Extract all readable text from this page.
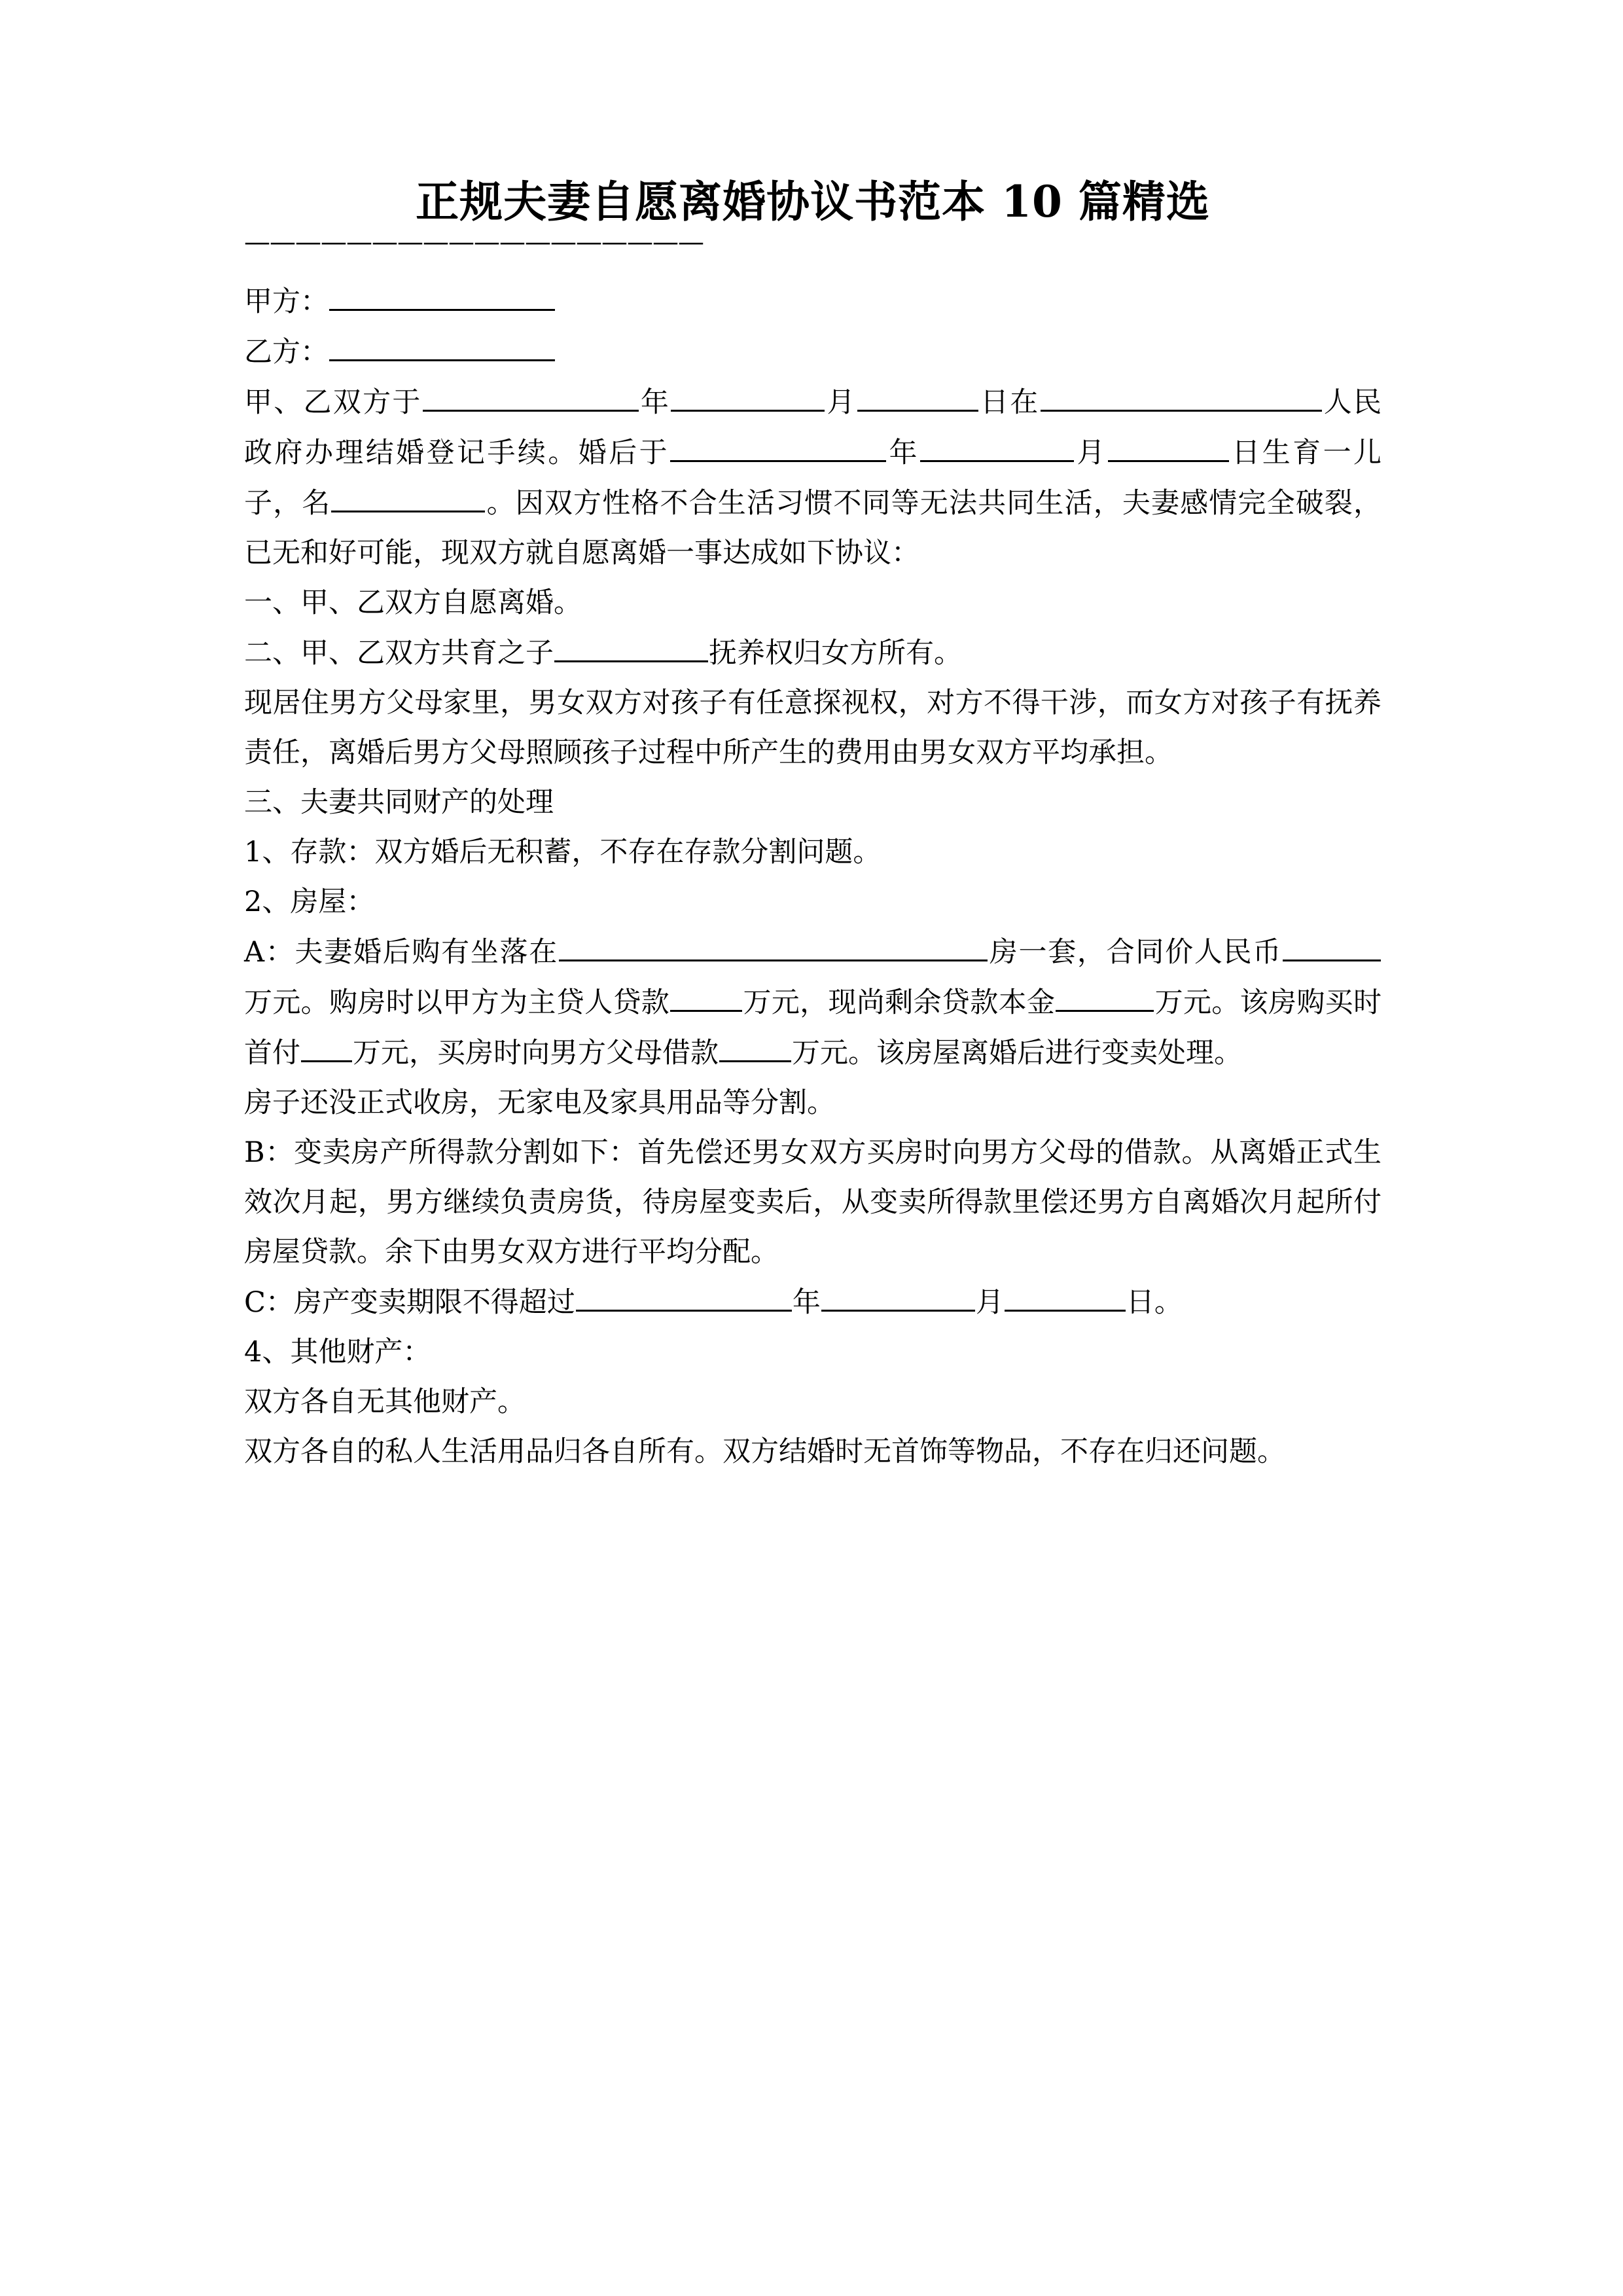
正规夫妻自愿离婚协议书范本 10 篇精选
——————————————————

甲方：

乙方：

甲、乙双方于	年	月	日在	人民政府办理结婚登记手续。婚后于	年	月	日生育一儿子，名	。因双方性格不合生活习惯不同等无法共同生活，夫妻感情完全破裂，已无和好可能，现双方就自愿离婚一事达成如下协议：

一、甲、乙双方自愿离婚。

二、甲、乙双方共育之子	抚养权归女方所有。

现居住男方父母家里，男女双方对孩子有任意探视权，对方不得干涉，而女方对孩子有抚养责任，离婚后男方父母照顾孩子过程中所产生的费用由男女双方平均承担。

三、夫妻共同财产的处理

1、存款：双方婚后无积蓄，不存在存款分割问题。

2、房屋：

A：夫妻婚后购有坐落在	房一套，合同价人民币万元。购房时以甲方为主贷人贷款	万元，现尚剩余贷款本金	万元。该房购买时首付 万元，买房时向男方父母借款	万元。该房屋离婚后进行变卖处理。

房子还没正式收房，无家电及家具用品等分割。

B：变卖房产所得款分割如下：首先偿还男女双方买房时向男方父母的借款。从离婚正式生效次月起，男方继续负责房货，待房屋变卖后，从变卖所得款里偿还男方自离婚次月起所付房屋贷款。余下由男女双方进行平均分配。

C：房产变卖期限不得超过	年	月	日。

4、其他财产：

双方各自无其他财产。

双方各自的私人生活用品归各自所有。双方结婚时无首饰等物品，不存在归还问题。
